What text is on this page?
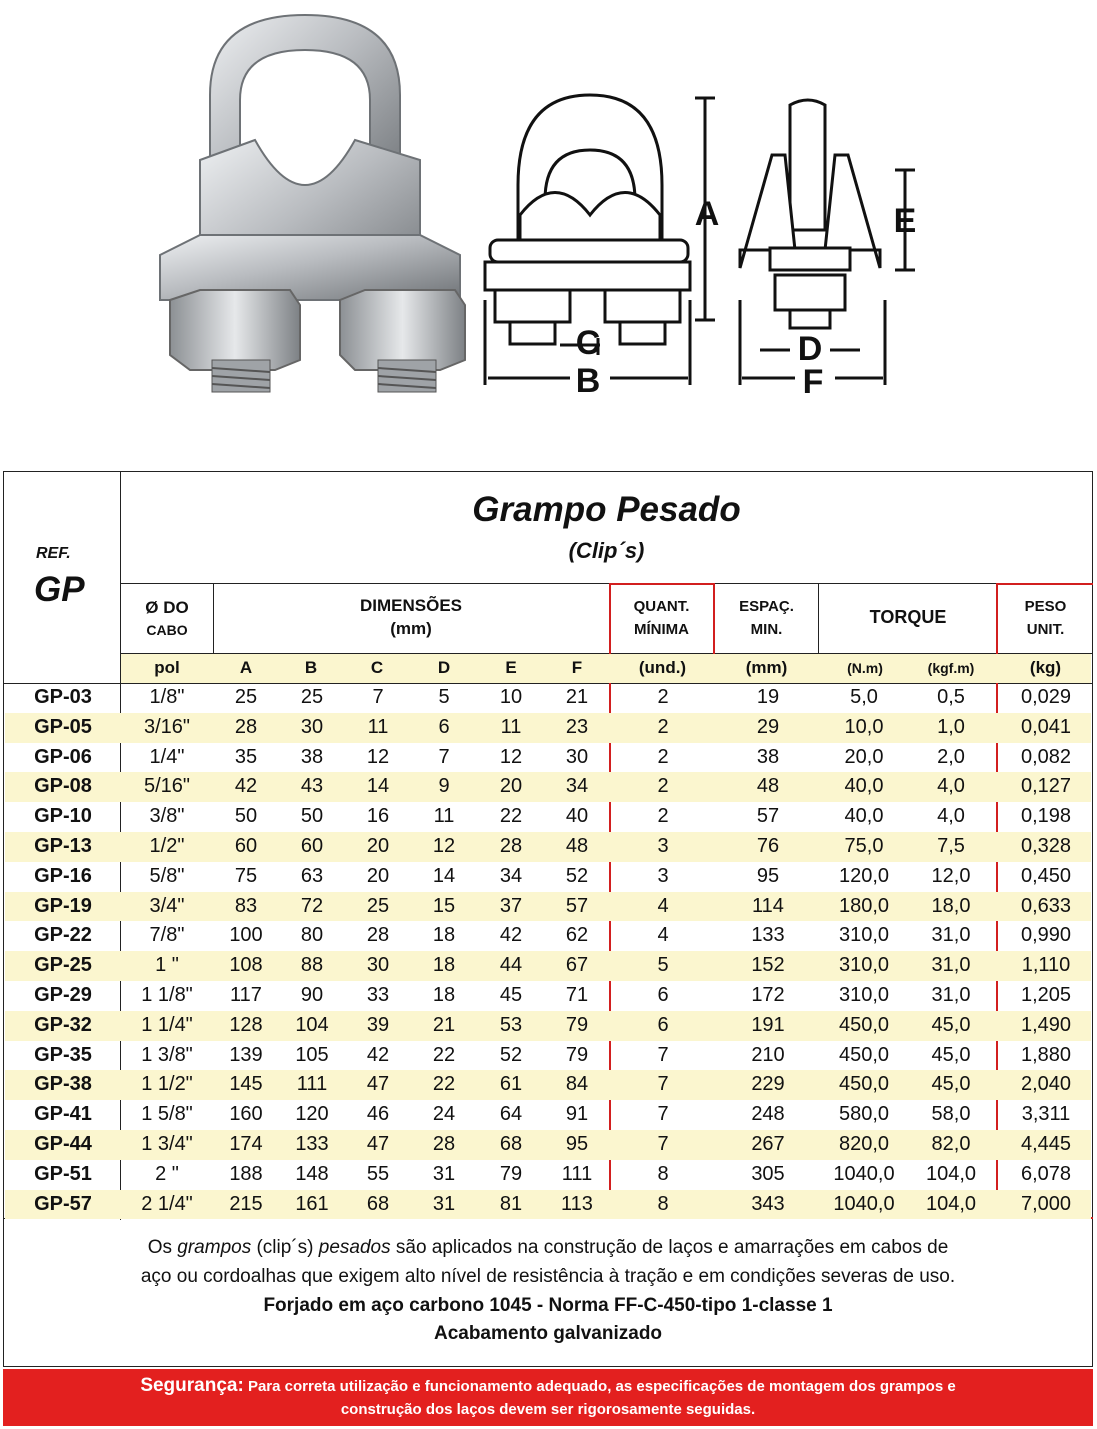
A
B
C	D
E
F
Grampo Pesado
(Clip´s)
REF.
GP	Ø DO
CABO
DIMENSÕES
(mm)
QUANT.
MÍNIMA
ESPAÇ.
MIN.
TORQUE
PESO
UNIT.
pol	A	B	C	D	E	F	(und.)	(mm)	(N.m)	(kgf.m)	(kg)
GP-03	1/8"	25	25	7	5	10	21	2	19	5,0	0,5	0,029
GP-05	3/16"	28	30	11	6	11	23	2	29	10,0	1,0	0,041
GP-06	1/4"	35	38	12	7	12	30	2	38	20,0	2,0	0,082
GP-08	5/16"	42	43	14	9	20	34	2	48	40,0	4,0	0,127
GP-10	3/8"	50	50	16	11	22	40	2	57	40,0	4,0	0,198
GP-13	1/2"	60	60	20	12	28	48	3	76	75,0	7,5	0,328
GP-16	5/8"	75	63	20	14	34	52	3	95	120,0	12,0	0,450
GP-19	3/4"	83	72	25	15	37	57	4	114	180,0	18,0	0,633
GP-22	7/8"	100	80	28	18	42	62	4	133	310,0	31,0	0,990
GP-25	1 "	108	88	30	18	44	67	5	152	310,0	31,0	1,110
GP-29	1 1/8"	117	90	33	18	45	71	6	172	310,0	31,0	1,205
GP-32	1 1/4"	128	104	39	21	53	79	6	191	450,0	45,0	1,490
GP-35	1 3/8"	139	105	42	22	52	79	7	210	450,0	45,0	1,880
GP-38	1 1/2"	145	111	47	22	61	84	7	229	450,0	45,0	2,040
GP-41	1 5/8"	160	120	46	24	64	91	7	248	580,0	58,0	3,311
GP-44	1 3/4"	174	133	47	28	68	95	7	267	820,0	82,0	4,445
GP-51	2 "	188	148	55	31	79	111	8	305	1040,0	104,0	6,078
GP-57	2 1/4"	215	161	68	31	81	113	8	343	1040,0	104,0	7,000
Os grampos (clip´s) pesados são aplicados na construção de laços e amarrações em cabos de
aço ou cordoalhas que exigem alto nível de resistência à tração e em condições severas de uso.
Forjado em aço carbono 1045 - Norma FF-C-450-tipo 1-classe 1
Acabamento galvanizado
Segurança: Para correta utilização e funcionamento adequado, as especificações de montagem dos grampos e
construção dos laços devem ser rigorosamente seguidas.
